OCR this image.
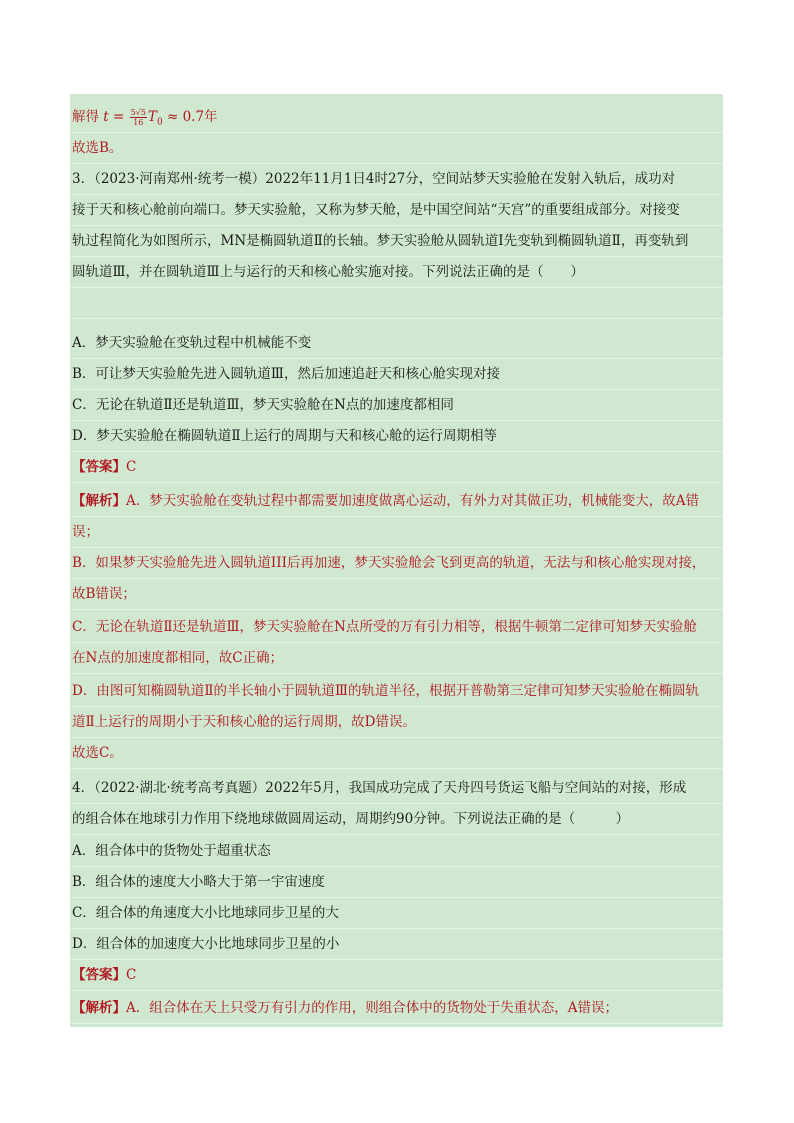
解得 $t = \frac{5√5}{16} T_0 \approx 0.7$年
故选B。
3．（2023·河南郑州·统考一模）2022年11月1日4时27分，空间站梦天实验舱在发射入轨后，成功对
接于天和核心舱前向端口。梦天实验舱，又称为梦天舱，是中国空间站“天宫”的重要组成部分。对接变
轨过程简化为如图所示，MN是椭圆轨道Ⅱ的长轴。梦天实验舱从圆轨道Ⅰ先变轨到椭圆轨道Ⅱ，再变轨到
圆轨道Ⅲ，并在圆轨道Ⅲ上与运行的天和核心舱实施对接。下列说法正确的是（　　）
A．梦天实验舱在变轨过程中机械能不变
B．可让梦天实验舱先进入圆轨道Ⅲ，然后加速追赶天和核心舱实现对接
C．无论在轨道Ⅱ还是轨道Ⅲ，梦天实验舱在N点的加速度都相同
D．梦天实验舱在椭圆轨道Ⅱ上运行的周期与天和核心舱的运行周期相等
【答案】C
【解析】A．梦天实验舱在变轨过程中都需要加速度做离心运动，有外力对其做正功，机械能变大，故A错
误；
B．如果梦天实验舱先进入圆轨道III后再加速，梦天实验舱会飞到更高的轨道，无法与和核心舱实现对接，
故B错误；
C．无论在轨道Ⅱ还是轨道Ⅲ，梦天实验舱在N点所受的万有引力相等，根据牛顿第二定律可知梦天实验舱
在N点的加速度都相同，故C正确；
D．由图可知椭圆轨道Ⅱ的半长轴小于圆轨道Ⅲ的轨道半径，根据开普勒第三定律可知梦天实验舱在椭圆轨
道Ⅱ上运行的周期小于天和核心舱的运行周期，故D错误。
故选C。
4．（2022·湖北·统考高考真题）2022年5月，我国成功完成了天舟四号货运飞船与空间站的对接，形成
的组合体在地球引力作用下绕地球做圆周运动，周期约90分钟。下列说法正确的是（　　　）
A．组合体中的货物处于超重状态
B．组合体的速度大小略大于第一宇宙速度
C．组合体的角速度大小比地球同步卫星的大
D．组合体的加速度大小比地球同步卫星的小
【答案】C
【解析】A．组合体在天上只受万有引力的作用，则组合体中的货物处于失重状态，A错误；
